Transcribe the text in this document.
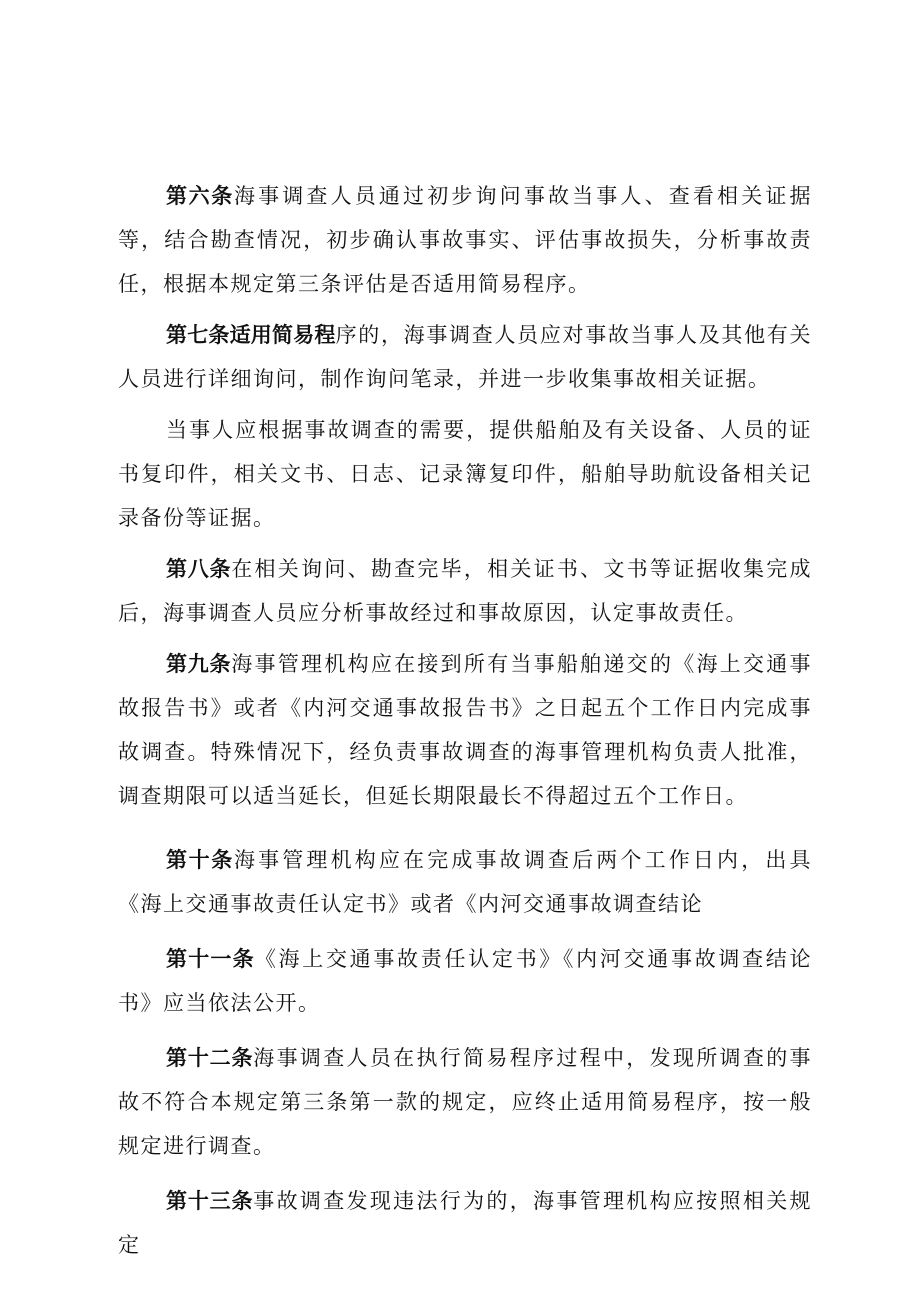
第六条海事调查人员通过初步询问事故当事人、查看相关证据等，结合勘查情况，初步确认事故事实、评估事故损失，分析事故责任，根据本规定第三条评估是否适用简易程序。

第七条适用简易程序的，海事调查人员应对事故当事人及其他有关人员进行详细询问，制作询问笔录，并进一步收集事故相关证据。

当事人应根据事故调查的需要，提供船舶及有关设备、人员的证书复印件，相关文书、日志、记录簿复印件，船舶导助航设备相关记录备份等证据。

第八条在相关询问、勘查完毕，相关证书、文书等证据收集完成后，海事调查人员应分析事故经过和事故原因，认定事故责任。

第九条海事管理机构应在接到所有当事船舶递交的《海上交通事故报告书》或者《内河交通事故报告书》之日起五个工作日内完成事故调查。特殊情况下，经负责事故调查的海事管理机构负责人批准，调查期限可以适当延长，但延长期限最长不得超过五个工作日。

第十条海事管理机构应在完成事故调查后两个工作日内，出具《海上交通事故责任认定书》或者《内河交通事故调查结论

第十一条《海上交通事故责任认定书》《内河交通事故调查结论书》应当依法公开。

第十二条海事调查人员在执行简易程序过程中，发现所调查的事故不符合本规定第三条第一款的规定，应终止适用简易程序，按一般规定进行调查。

第十三条事故调查发现违法行为的，海事管理机构应按照相关规定
